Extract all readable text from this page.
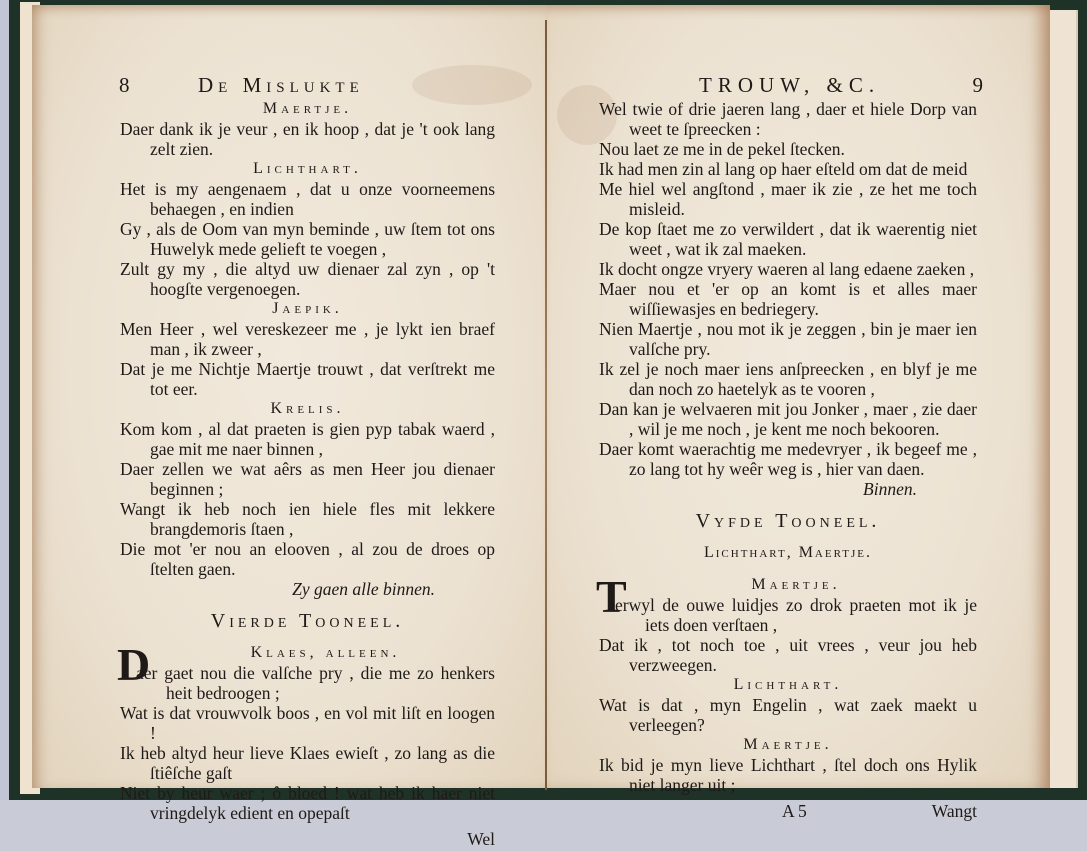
8	De Mislukte
Maertje.
Daer dank ik je veur , en ik hoop , dat je 't ook lang zelt zien.
Lichthart.
Het is my aengenaem , dat u onze voorneemens behaegen , en indien
Gy , als de Oom van myn beminde , uw ſtem tot ons Huwelyk mede gelieft te voegen ,
Zult gy my , die altyd uw dienaer zal zyn , op 't hoogſte vergenoegen.
Jaepik.
Men Heer , wel vereskezeer me , je lykt ien braef man , ik zweer ,
Dat je me Nichtje Maertje trouwt , dat verſtrekt me tot eer.
Krelis.
Kom kom , al dat praeten is gien pyp tabak waerd , gae mit me naer binnen ,
Daer zellen we wat aêrs as men Heer jou dienaer beginnen ;
Wangt ik heb noch ien hiele fles mit lekkere brangdemoris ſtaen ,
Die mot 'er nou an elooven , al zou de droes op ſtelten gaen.
Zy gaen alle binnen.
Vierde Tooneel.
D	Klaes, alleen.
aer gaet nou die valſche pry , die me zo henkers heit bedroogen ;
Wat is dat vrouwvolk boos , en vol mit liſt en loogen !
Ik heb altyd heur lieve Klaes ewieſt , zo lang as die ſtiêſche gaſt
Niet by heur waer ; ô bloed ! wat heb ik haer niet vringdelyk edient en opepaſt
Wel
TROUW, &C.	9
Wel twie of drie jaeren lang , daer et hiele Dorp van weet te ſpreecken :
Nou laet ze me in de pekel ſtecken.
Ik had men zin al lang op haer eſteld om dat de meid
Me hiel wel angſtond , maer ik zie , ze het me toch misleid.
De kop ſtaet me zo verwildert , dat ik waerentig niet weet , wat ik zal maeken.
Ik docht ongze vryery waeren al lang edaene zaeken ,
Maer nou et 'er op an komt is et alles maer wiſſiewasjes en bedriegery.
Nien Maertje , nou mot ik je zeggen , bin je maer ien valſche pry.
Ik zel je noch maer iens anſpreecken , en blyf je me dan noch zo haetelyk as te vooren ,
Dan kan je welvaeren mit jou Jonker , maer , zie daer , wil je me noch , je kent me noch bekooren.
Daer komt waerachtig me medevryer , ik begeef me , zo lang tot hy weêr weg is , hier van daen.
Binnen.
Vyfde Tooneel.
Lichthart, Maertje.
T	Maertje.
erwyl de ouwe luidjes zo drok praeten mot ik je iets doen verſtaen ,
Dat ik , tot noch toe , uit vrees , veur jou heb verzweegen.
Lichthart.
Wat is dat , myn Engelin , wat zaek maekt u verleegen?
Maertje.
Ik bid je myn lieve Lichthart , ſtel doch ons Hylik niet langer uit ;
A 5	Wangt
